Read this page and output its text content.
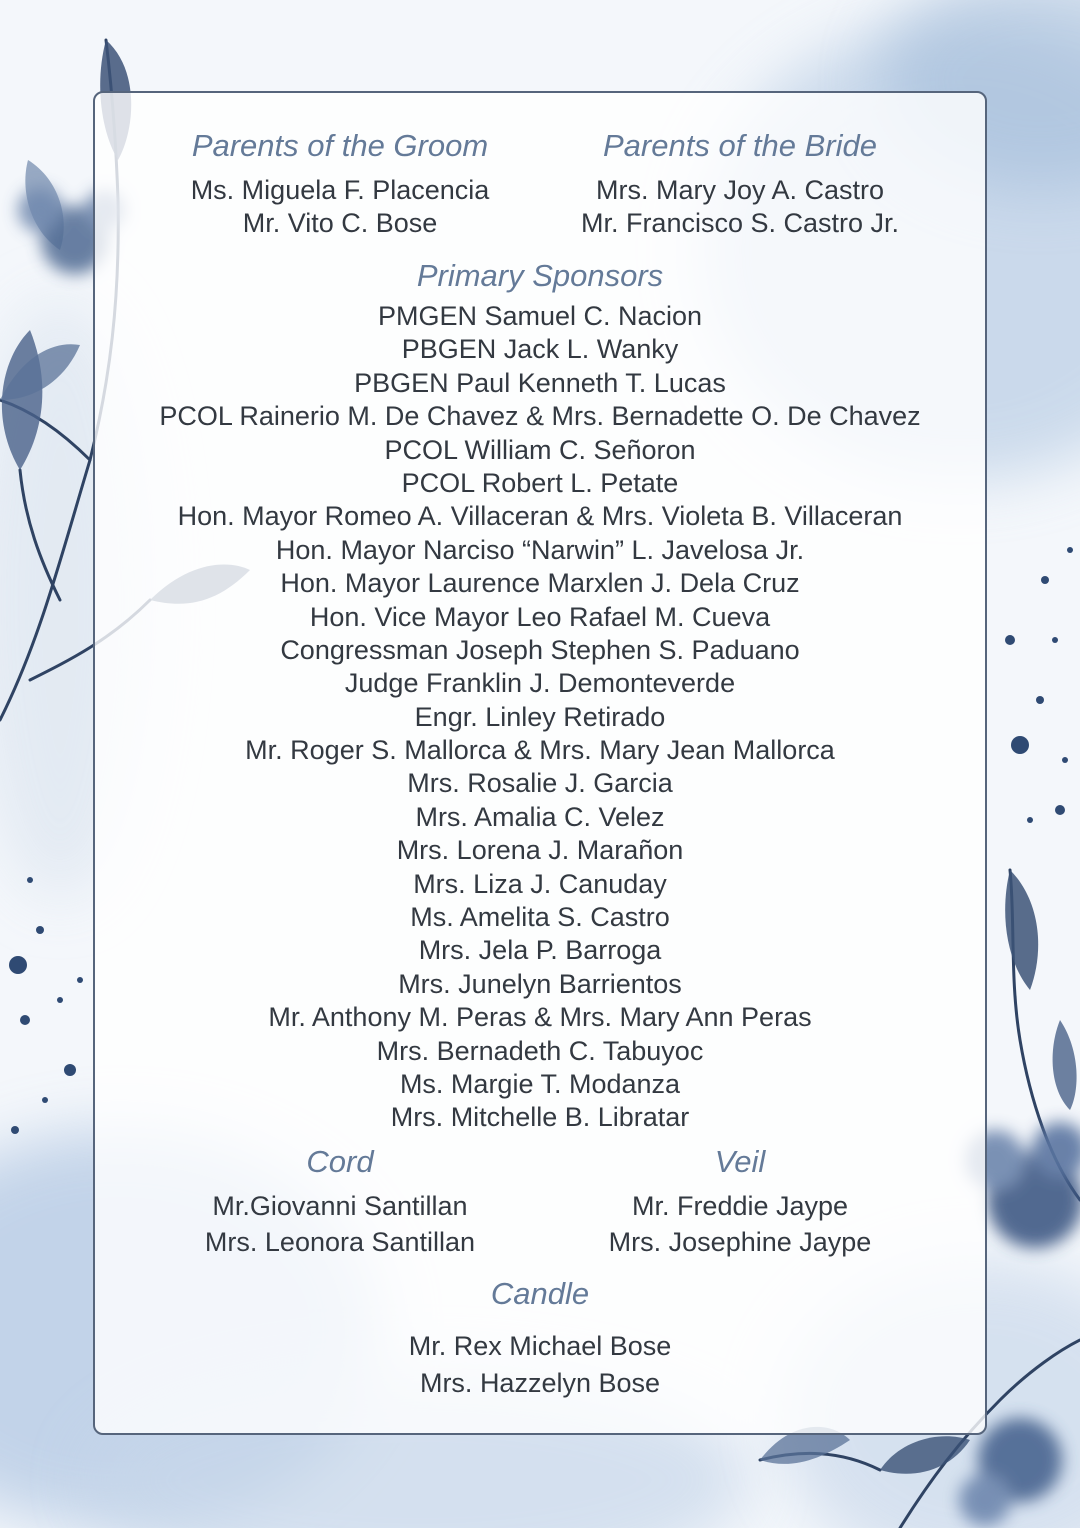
Parents of the Groom
Ms. Miguela F. Placencia
Mr. Vito C. Bose
Parents of the Bride
Mrs. Mary Joy A. Castro
Mr. Francisco S. Castro Jr.
Primary Sponsors
PMGEN Samuel C. Nacion
PBGEN Jack L. Wanky
PBGEN Paul Kenneth T. Lucas
PCOL Rainerio M. De Chavez & Mrs. Bernadette O. De Chavez
PCOL William C. Señoron
PCOL Robert L. Petate
Hon. Mayor Romeo A. Villaceran & Mrs. Violeta B. Villaceran
Hon. Mayor Narciso “Narwin” L. Javelosa Jr.
Hon. Mayor Laurence Marxlen J. Dela Cruz
Hon. Vice Mayor Leo Rafael M. Cueva
Congressman Joseph Stephen S. Paduano
Judge Franklin J. Demonteverde
Engr. Linley Retirado
Mr. Roger S. Mallorca & Mrs. Mary Jean Mallorca
Mrs. Rosalie J. Garcia
Mrs. Amalia C. Velez
Mrs. Lorena J. Marañon
Mrs. Liza J. Canuday
Ms. Amelita S. Castro
Mrs. Jela P. Barroga
Mrs. Junelyn Barrientos
Mr. Anthony M. Peras & Mrs. Mary Ann Peras
Mrs. Bernadeth C. Tabuyoc
Ms. Margie T. Modanza
Mrs. Mitchelle B. Libratar
Cord
Mr.Giovanni Santillan
Mrs. Leonora Santillan
Veil
Mr. Freddie Jaype
Mrs. Josephine Jaype
Candle
Mr. Rex Michael Bose
Mrs. Hazzelyn Bose
